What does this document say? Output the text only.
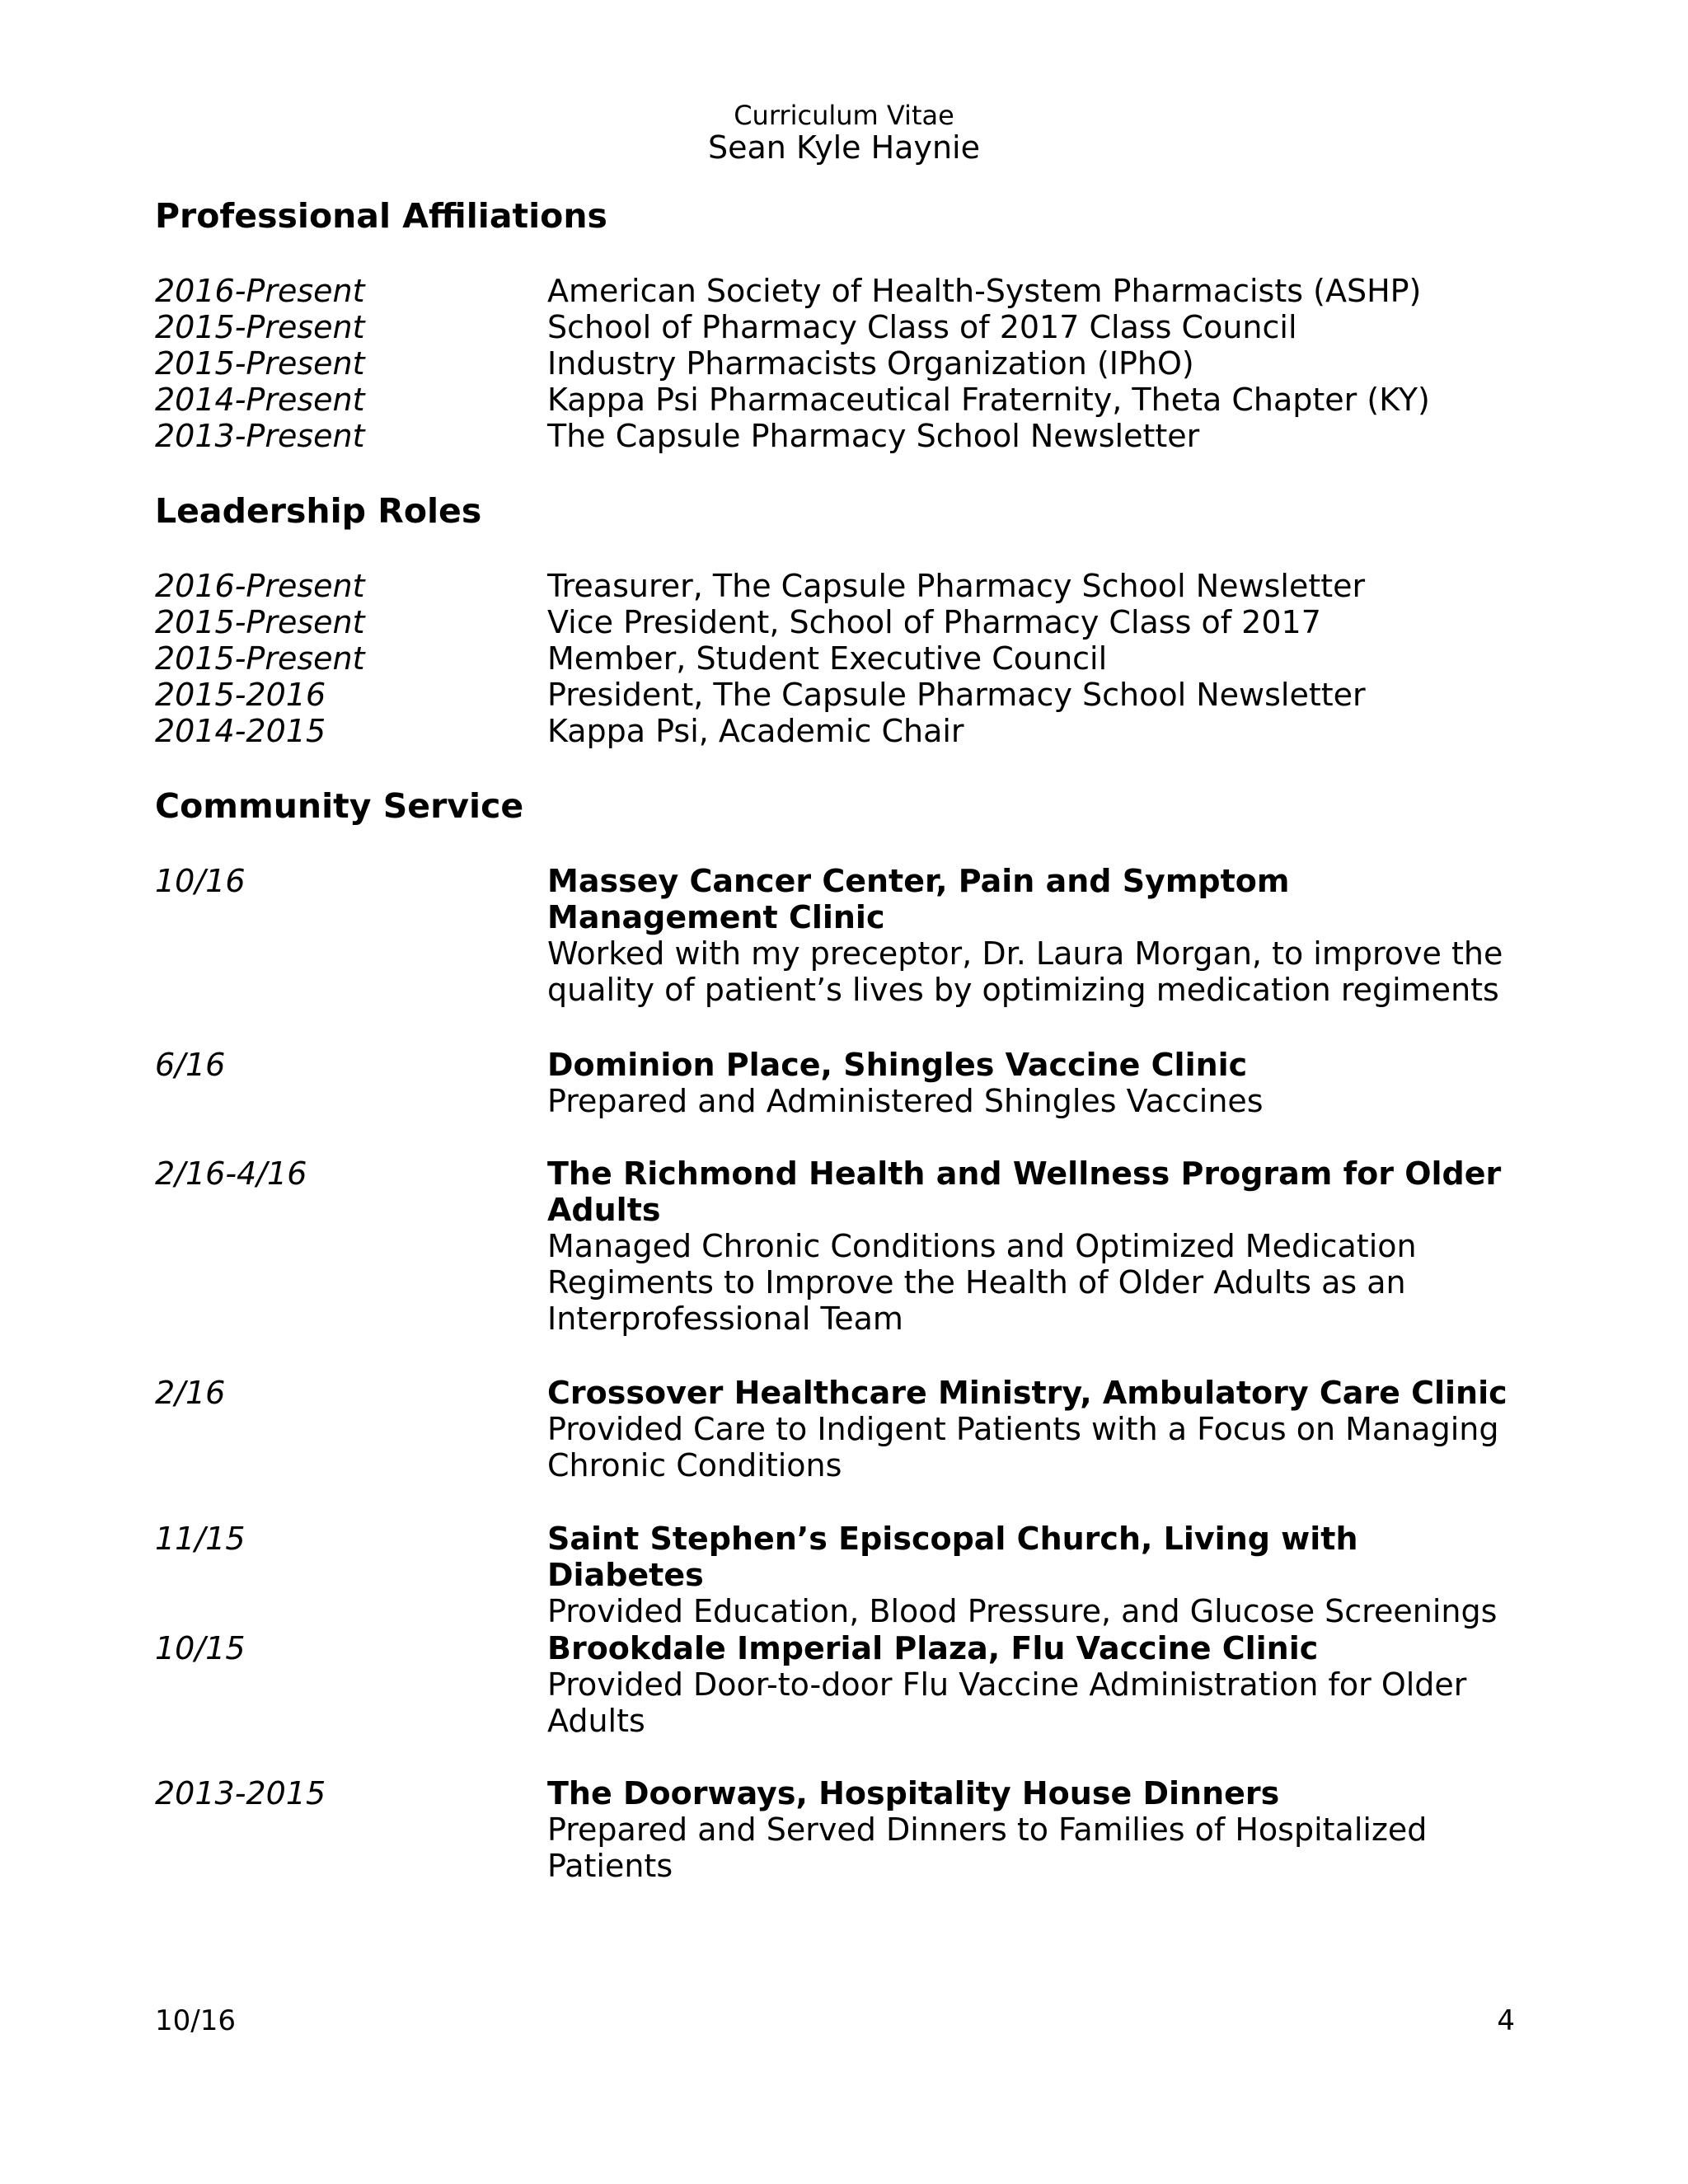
Curriculum Vitae
Sean Kyle Haynie
Professional Affiliations
2016-Present	American Society of Health-System Pharmacists (ASHP)
2015-Present	School of Pharmacy Class of 2017 Class Council
2015-Present	Industry Pharmacists Organization (IPhO)
2014-Present	Kappa Psi Pharmaceutical Fraternity, Theta Chapter (KY)
2013-Present	The Capsule Pharmacy School Newsletter
Leadership Roles
2016-Present	Treasurer, The Capsule Pharmacy School Newsletter
2015-Present	Vice President, School of Pharmacy Class of 2017
2015-Present	Member, Student Executive Council
2015-2016	President, The Capsule Pharmacy School Newsletter
2014-2015	Kappa Psi, Academic Chair
Community Service
10/16	Massey Cancer Center, Pain and Symptom Management Clinic
Worked with my preceptor, Dr. Laura Morgan, to improve the quality of patient’s lives by optimizing medication regiments
6/16	Dominion Place, Shingles Vaccine Clinic
Prepared and Administered Shingles Vaccines
2/16-4/16	The Richmond Health and Wellness Program for Older Adults
Managed Chronic Conditions and Optimized Medication Regiments to Improve the Health of Older Adults as an Interprofessional Team
2/16	Crossover Healthcare Ministry, Ambulatory Care Clinic
Provided Care to Indigent Patients with a Focus on Managing Chronic Conditions
11/15	Saint Stephen’s Episcopal Church, Living with Diabetes
Provided Education, Blood Pressure, and Glucose Screenings
10/15	Brookdale Imperial Plaza, Flu Vaccine Clinic
Provided Door-to-door Flu Vaccine Administration for Older Adults
2013-2015	The Doorways, Hospitality House Dinners
Prepared and Served Dinners to Families of Hospitalized Patients
10/16	4
